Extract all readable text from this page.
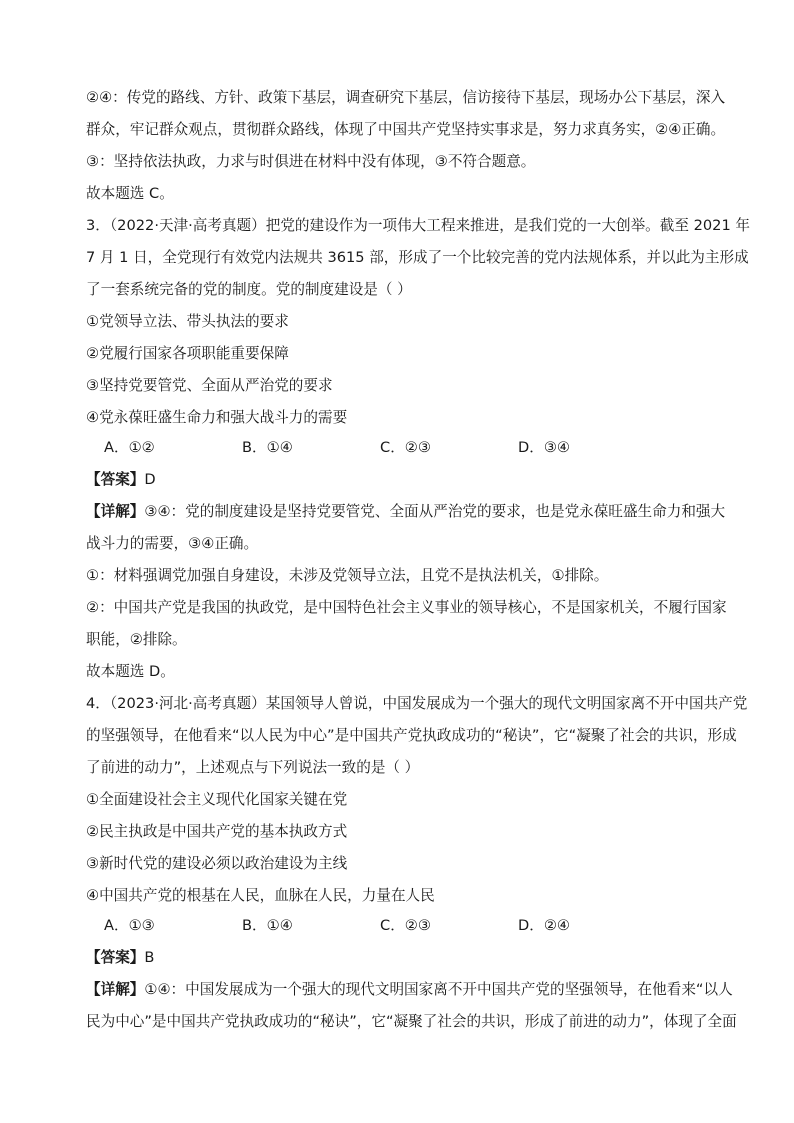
②④：传党的路线、方针、政策下基层，调查研究下基层，信访接待下基层，现场办公下基层，深入
群众，牢记群众观点，贯彻群众路线，体现了中国共产党坚持实事求是，努力求真务实，②④正确。
③：坚持依法执政，力求与时俱进在材料中没有体现，③不符合题意。
故本题选 C。
3．（2022·天津·高考真题）把党的建设作为一项伟大工程来推进，是我们党的一大创举。截至 2021 年
7 月 1 日，全党现行有效党内法规共 3615 部，形成了一个比较完善的党内法规体系，并以此为主形成
了一套系统完备的党的制度。党的制度建设是（ ）
①党领导立法、带头执法的要求
②党履行国家各项职能重要保障
③坚持党要管党、全面从严治党的要求
④党永葆旺盛生命力和强大战斗力的需要
A．①②	B．①④	C．②③	D．③④
【答案】D
【详解】③④：党的制度建设是坚持党要管党、全面从严治党的要求，也是党永葆旺盛生命力和强大
战斗力的需要，③④正确。
①：材料强调党加强自身建设，未涉及党领导立法，且党不是执法机关，①排除。
②：中国共产党是我国的执政党，是中国特色社会主义事业的领导核心，不是国家机关，不履行国家
职能，②排除。
故本题选 D。
4．（2023·河北·高考真题）某国领导人曾说，中国发展成为一个强大的现代文明国家离不开中国共产党
的坚强领导，在他看来“以人民为中心”是中国共产党执政成功的“秘诀”，它“凝聚了社会的共识，形成
了前进的动力”，上述观点与下列说法一致的是（ ）
①全面建设社会主义现代化国家关键在党
②民主执政是中国共产党的基本执政方式
③新时代党的建设必须以政治建设为主线
④中国共产党的根基在人民，血脉在人民，力量在人民
A．①③	B．①④	C．②③	D．②④
【答案】B
【详解】①④：中国发展成为一个强大的现代文明国家离不开中国共产党的坚强领导，在他看来“以人
民为中心”是中国共产党执政成功的“秘诀”，它“凝聚了社会的共识，形成了前进的动力”，体现了全面
